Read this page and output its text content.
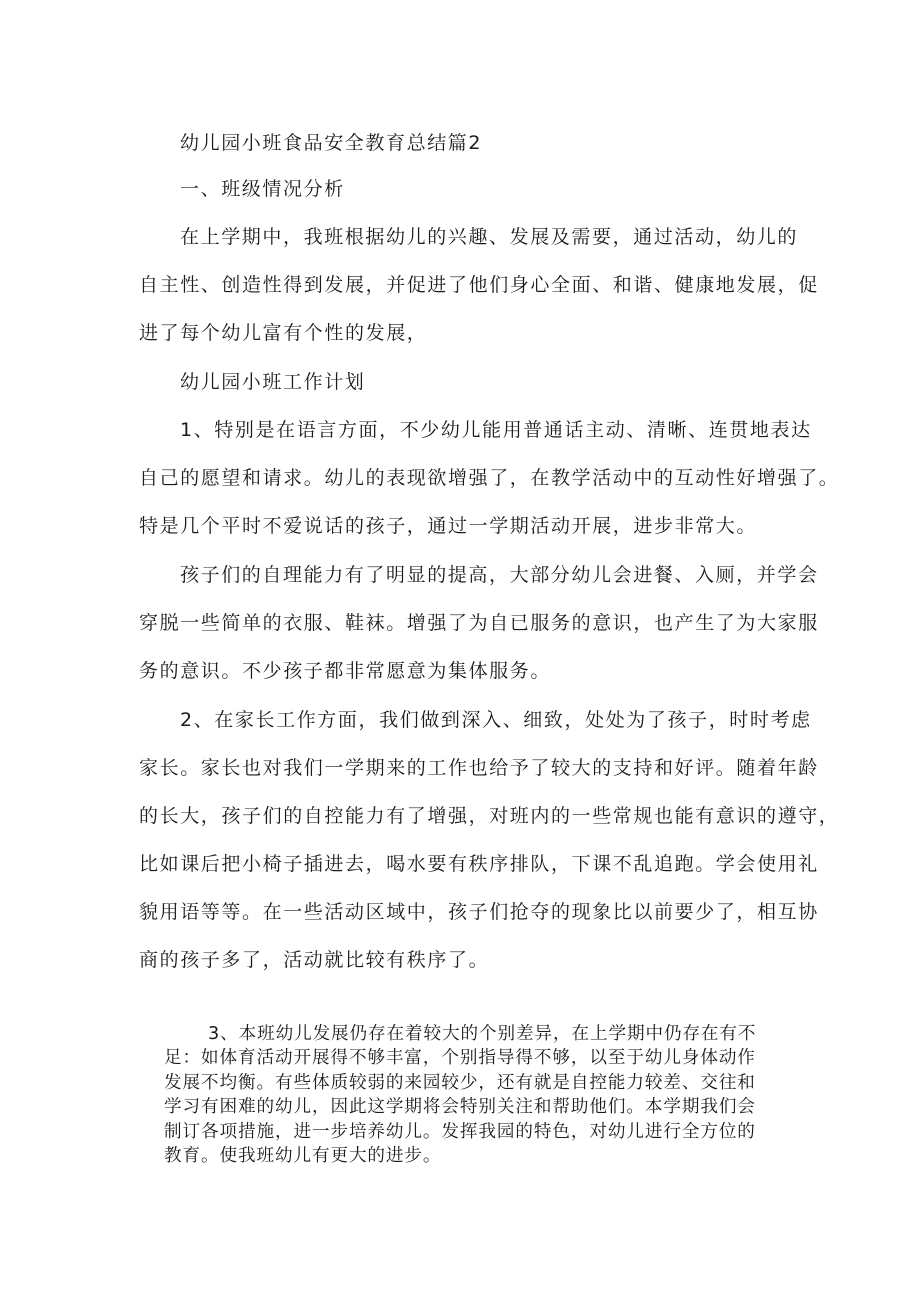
幼儿园小班食品安全教育总结篇2
一、班级情况分析
在上学期中，我班根据幼儿的兴趣、发展及需要，通过活动，幼儿的
自主性、创造性得到发展，并促进了他们身心全面、和谐、健康地发展，促
进了每个幼儿富有个性的发展，
幼儿园小班工作计划
1、特别是在语言方面，不少幼儿能用普通话主动、清晰、连贯地表达
自己的愿望和请求。幼儿的表现欲增强了，在教学活动中的互动性好增强了。
特是几个平时不爱说话的孩子，通过一学期活动开展，进步非常大。
孩子们的自理能力有了明显的提高，大部分幼儿会进餐、入厕，并学会
穿脱一些简单的衣服、鞋袜。增强了为自已服务的意识，也产生了为大家服
务的意识。不少孩子都非常愿意为集体服务。
2、在家长工作方面，我们做到深入、细致，处处为了孩子，时时考虑
家长。家长也对我们一学期来的工作也给予了较大的支持和好评。随着年龄
的长大，孩子们的自控能力有了增强，对班内的一些常规也能有意识的遵守，
比如课后把小椅子插进去，喝水要有秩序排队，下课不乱追跑。学会使用礼
貌用语等等。在一些活动区域中，孩子们抢夺的现象比以前要少了，相互协
商的孩子多了，活动就比较有秩序了。

3、本班幼儿发展仍存在着较大的个别差异，在上学期中仍存在有不

足：如体育活动开展得不够丰富，个别指导得不够，以至于幼儿身体动作

发展不均衡。有些体质较弱的来园较少，还有就是自控能力较差、交往和

学习有困难的幼儿，因此这学期将会特别关注和帮助他们。本学期我们会

制订各项措施，进一步培养幼儿。发挥我园的特色，对幼儿进行全方位的

教育。使我班幼儿有更大的进步。
